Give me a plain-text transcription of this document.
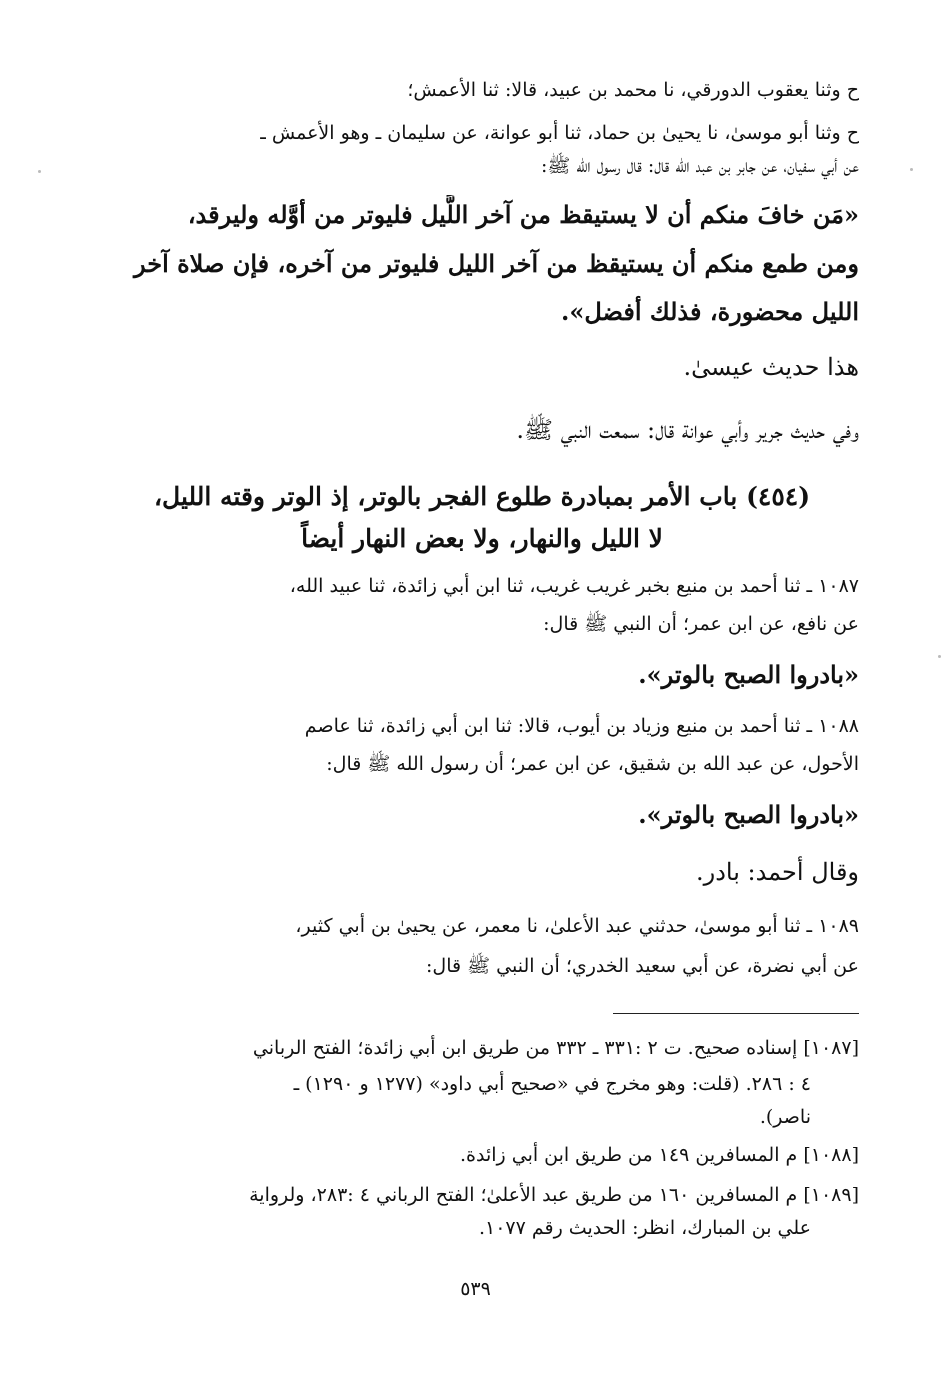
ح وثنا يعقوب الدورقي، نا محمد بن عبيد، قالا: ثنا الأعمش؛
ح وثنا أبو موسىٰ، نا يحيىٰ بن حماد، ثنا أبو عوانة، عن سليمان ـ وهو الأعمش ـ
عن أبي سفيان، عن جابر بن عبد الله قال: قال رسول الله ﷺ:
«مَن خافَ منكم أن لا يستيقظ من آخر اللَّيل فليوتر من أوَّله وليرقد،
ومن طمع منكم أن يستيقظ من آخر الليل فليوتر من آخره، فإن صلاة آخر
الليل محضورة، فذلك أفضل».
هذا حديث عيسىٰ.
وفي حديث جرير وأبي عوانة قال: سمعت النبي ﷺ.
(٤٥٤) باب الأمر بمبادرة طلوع الفجر بالوتر، إذ الوتر وقته الليل،
لا الليل والنهار، ولا بعض النهار أيضاً
١٠٨٧ ـ ثنا أحمد بن منيع بخبر غريب غريب، ثنا ابن أبي زائدة، ثنا عبيد الله،
عن نافع، عن ابن عمر؛ أن النبي ﷺ قال:
«بادروا الصبح بالوتر».
١٠٨٨ ـ ثنا أحمد بن منيع وزياد بن أيوب، قالا: ثنا ابن أبي زائدة، ثنا عاصم
الأحول، عن عبد الله بن شقيق، عن ابن عمر؛ أن رسول الله ﷺ قال:
«بادروا الصبح بالوتر».
وقال أحمد: بادر.
١٠٨٩ ـ ثنا أبو موسىٰ، حدثني عبد الأعلىٰ، نا معمر، عن يحيىٰ بن أبي كثير،
عن أبي نضرة، عن أبي سعيد الخدري؛ أن النبي ﷺ قال:
[١٠٨٧] إسناده صحيح. ت ٢ :٣٣١ ـ ٣٣٢ من طريق ابن أبي زائدة؛ الفتح الرباني
٤ : ٢٨٦. (قلت: وهو مخرج في «صحيح أبي داود» (١٢٧٧ و ١٢٩٠) ـ
ناصر).
[١٠٨٨] م المسافرين ١٤٩ من طريق ابن أبي زائدة.
[١٠٨٩] م المسافرين ١٦٠ من طريق عبد الأعلىٰ؛ الفتح الرباني ٤ :٢٨٣، ولرواية
علي بن المبارك، انظر: الحديث رقم ١٠٧٧.
٥٣٩
